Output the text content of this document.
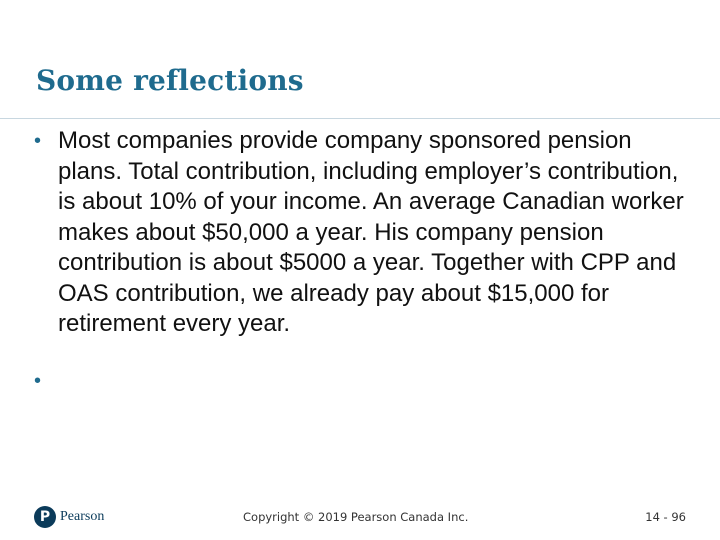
Some reflections
• Most companies provide company sponsored pension plans. Total contribution, including employer’s contribution, is about 10% of your income. An average Canadian worker makes about $50,000 a year. His company pension contribution is about $5000 a year. Together with CPP and OAS contribution, we already pay about $15,000 for retirement every year.
•
P Pearson	Copyright © 2019 Pearson Canada Inc.	14 - 96
